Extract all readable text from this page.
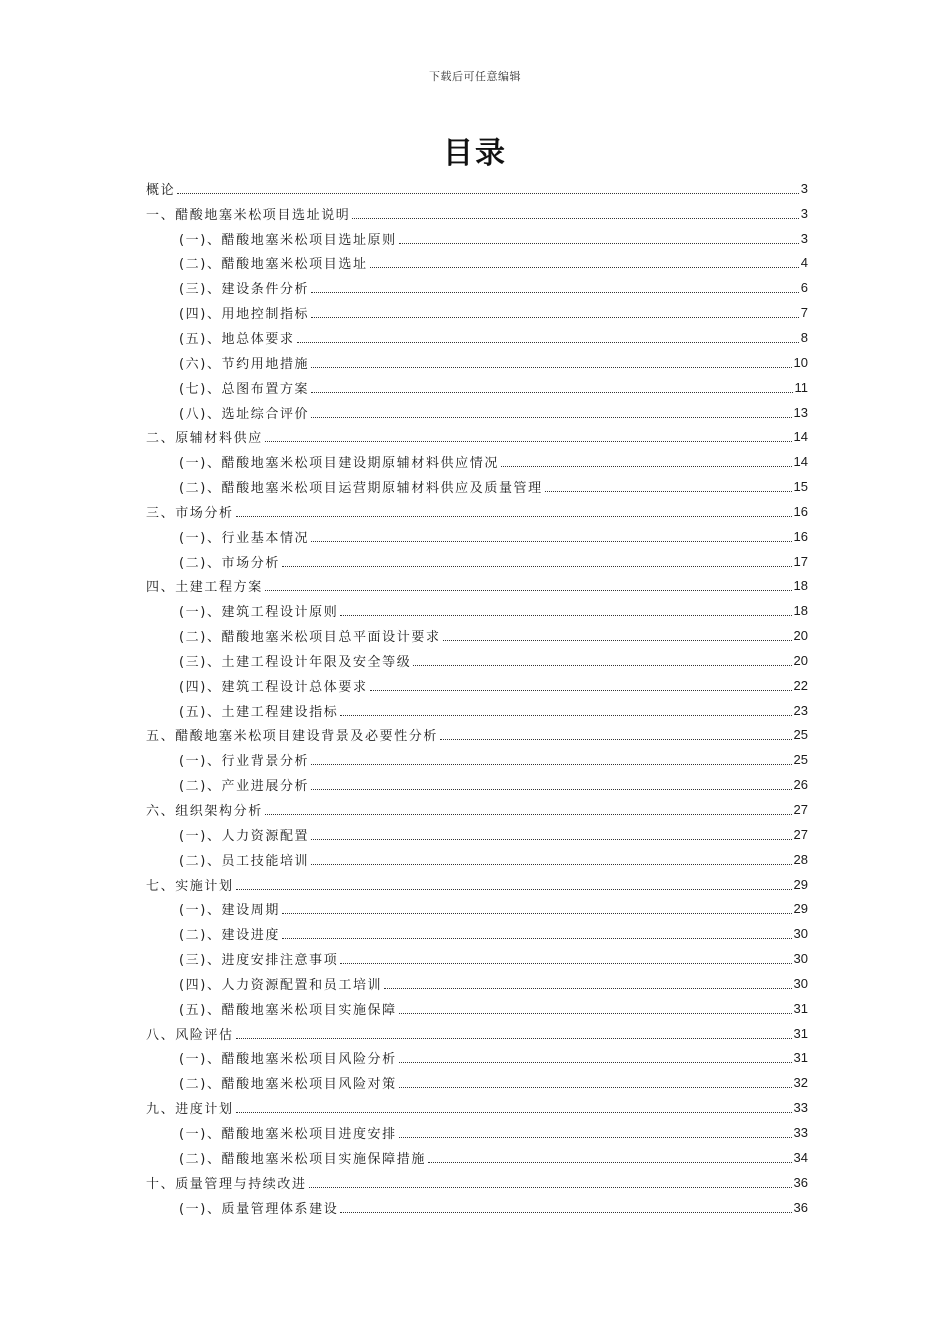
下载后可任意编辑
目录
概论	3
一、醋酸地塞米松项目选址说明	3
(一)、醋酸地塞米松项目选址原则	3
(二)、醋酸地塞米松项目选址	4
(三)、建设条件分析	6
(四)、用地控制指标	7
(五)、地总体要求	8
(六)、节约用地措施	10
(七)、总图布置方案	11
(八)、选址综合评价	13
二、原辅材料供应	14
(一)、醋酸地塞米松项目建设期原辅材料供应情况	14
(二)、醋酸地塞米松项目运营期原辅材料供应及质量管理	15
三、市场分析	16
(一)、行业基本情况	16
(二)、市场分析	17
四、土建工程方案	18
(一)、建筑工程设计原则	18
(二)、醋酸地塞米松项目总平面设计要求	20
(三)、土建工程设计年限及安全等级	20
(四)、建筑工程设计总体要求	22
(五)、土建工程建设指标	23
五、醋酸地塞米松项目建设背景及必要性分析	25
(一)、行业背景分析	25
(二)、产业进展分析	26
六、组织架构分析	27
(一)、人力资源配置	27
(二)、员工技能培训	28
七、实施计划	29
(一)、建设周期	29
(二)、建设进度	30
(三)、进度安排注意事项	30
(四)、人力资源配置和员工培训	30
(五)、醋酸地塞米松项目实施保障	31
八、风险评估	31
(一)、醋酸地塞米松项目风险分析	31
(二)、醋酸地塞米松项目风险对策	32
九、进度计划	33
(一)、醋酸地塞米松项目进度安排	33
(二)、醋酸地塞米松项目实施保障措施	34
十、质量管理与持续改进	36
(一)、质量管理体系建设	36
